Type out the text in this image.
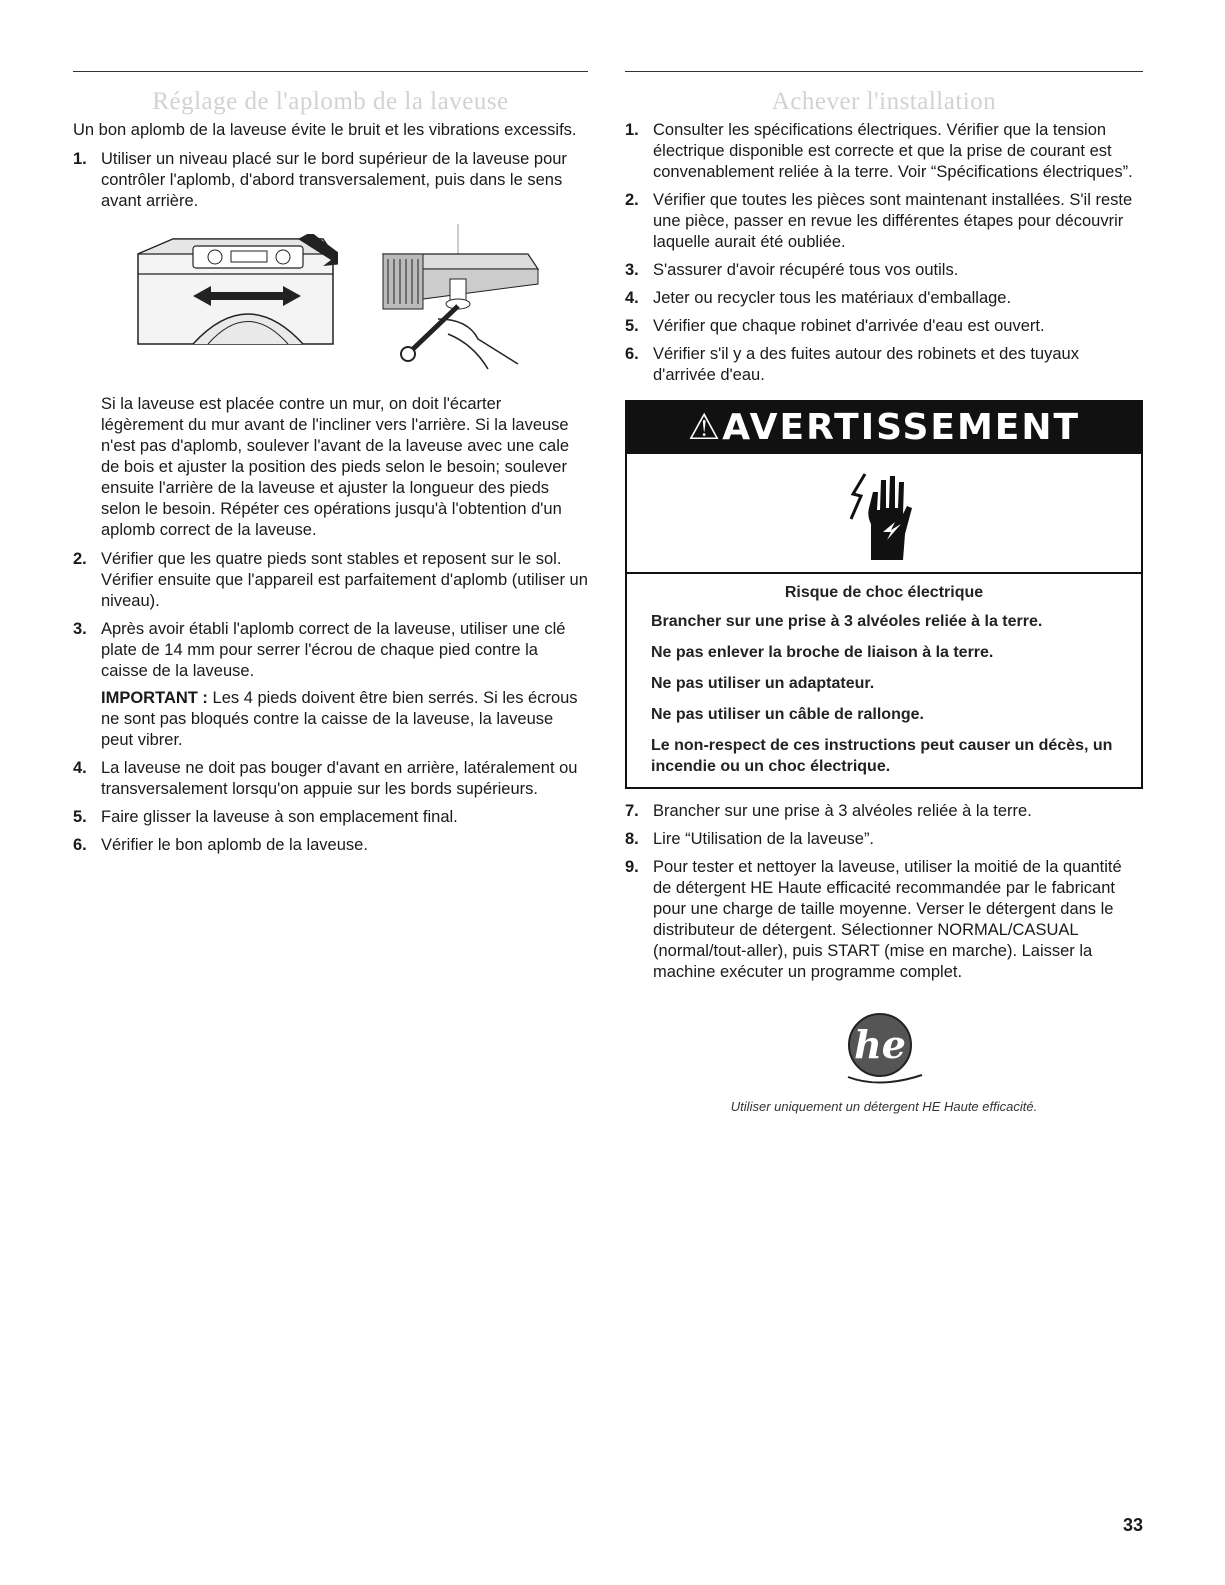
Réglage de l'aplomb de la laveuse

Un bon aplomb de la laveuse évite le bruit et les vibrations excessifs.

1. Utiliser un niveau placé sur le bord supérieur de la laveuse pour contrôler l'aplomb, d'abord transversalement, puis dans le sens avant arrière.

Si la laveuse est placée contre un mur, on doit l'écarter légèrement du mur avant de l'incliner vers l'arrière. Si la laveuse n'est pas d'aplomb, soulever l'avant de la laveuse avec une cale de bois et ajuster la position des pieds selon le besoin; soulever ensuite l'arrière de la laveuse et ajuster la longueur des pieds selon le besoin. Répéter ces opérations jusqu'à l'obtention d'un aplomb correct de la laveuse.

2. Vérifier que les quatre pieds sont stables et reposent sur le sol. Vérifier ensuite que l'appareil est parfaitement d'aplomb (utiliser un niveau).
3. Après avoir établi l'aplomb correct de la laveuse, utiliser une clé plate de 14 mm pour serrer l'écrou de chaque pied contre la caisse de la laveuse.

IMPORTANT : Les 4 pieds doivent être bien serrés. Si les écrous ne sont pas bloqués contre la caisse de la laveuse, la laveuse peut vibrer.

4. La laveuse ne doit pas bouger d'avant en arrière, latéralement ou transversalement lorsqu'on appuie sur les bords supérieurs.
5. Faire glisser la laveuse à son emplacement final.
6. Vérifier le bon aplomb de la laveuse.
Achever l'installation
1. Consulter les spécifications électriques. Vérifier que la tension électrique disponible est correcte et que la prise de courant est convenablement reliée à la terre. Voir “Spécifications électriques”.
2. Vérifier que toutes les pièces sont maintenant installées. S'il reste une pièce, passer en revue les différentes étapes pour découvrir laquelle aurait été oubliée.
3. S'assurer d'avoir récupéré tous vos outils.
4. Jeter ou recycler tous les matériaux d'emballage.
5. Vérifier que chaque robinet d'arrivée d'eau est ouvert.
6. Vérifier s'il y a des fuites autour des robinets et des tuyaux d'arrivée d'eau.
⚠AVERTISSEMENT
Risque de choc électrique
Brancher sur une prise à 3 alvéoles reliée à la terre.
Ne pas enlever la broche de liaison à la terre.
Ne pas utiliser un adaptateur.
Ne pas utiliser un câble de rallonge.
Le non-respect de ces instructions peut causer un décès, un incendie ou un choc électrique.
7. Brancher sur une prise à 3 alvéoles reliée à la terre.
8. Lire “Utilisation de la laveuse”.
9. Pour tester et nettoyer la laveuse, utiliser la moitié de la quantité de détergent HE Haute efficacité recommandée par le fabricant pour une charge de taille moyenne. Verser le détergent dans le distributeur de détergent. Sélectionner NORMAL/CASUAL (normal/tout-aller), puis START (mise en marche). Laisser la machine exécuter un programme complet.
he
Utiliser uniquement un détergent HE Haute efficacité.
33
